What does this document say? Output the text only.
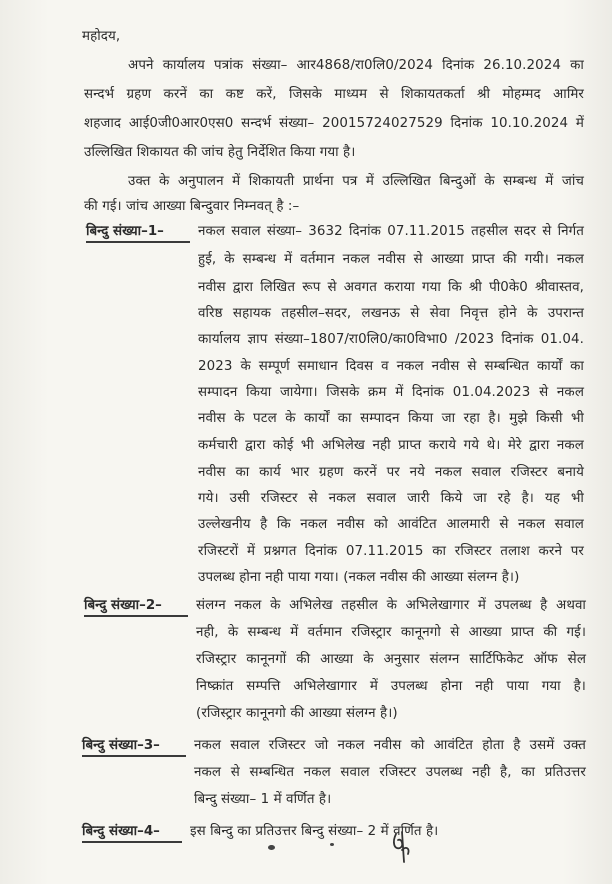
महोदय,
अपने कार्यालय पत्रांक संख्या– आर4868/रा0लि0/2024 दिनांक 26.10.2024 का
सन्दर्भ ग्रहण करनें का कष्ट करें, जिसके माध्यम से शिकायतकर्ता श्री मोहम्मद आमिर
शहजाद आई0जी0आर0एस0 सन्दर्भ संख्या– 20015724027529 दिनांक 10.10.2024 में
उल्लिखित शिकायत की जांच हेतु निर्देशित किया गया है।
उक्त के अनुपालन में शिकायती प्रार्थना पत्र में उल्लिखित बिन्दुओं के सम्बन्ध में जांच
की गई। जांच आख्या बिन्दुवार निम्नवत् है :–
बिन्दु संख्या–1–	नकल सवाल संख्या– 3632 दिनांक 07.11.2015 तहसील सदर से निर्गत
हुई, के सम्बन्ध में वर्तमान नकल नवीस से आख्या प्राप्त की गयी। नकल
नवीस द्वारा लिखित रूप से अवगत कराया गया कि श्री पी0के0 श्रीवास्तव,
वरिष्ठ सहायक तहसील–सदर, लखनऊ से सेवा निवृत्त होने के उपरान्त
कार्यालय ज्ञाप संख्या–1807/रा0लि0/का0विभा0 /2023 दिनांक 01.04.
2023 के सम्पूर्ण समाधान दिवस व नकल नवीस से सम्बन्धित कार्यों का
सम्पादन किया जायेगा। जिसके क्रम में दिनांक 01.04.2023 से नकल
नवीस के पटल के कार्यों का सम्पादन किया जा रहा है। मुझे किसी भी
कर्मचारी द्वारा कोई भी अभिलेख नही प्राप्त कराये गये थे। मेरे द्वारा नकल
नवीस का कार्य भार ग्रहण करनें पर नये नकल सवाल रजिस्टर बनाये
गये। उसी रजिस्टर से नकल सवाल जारी किये जा रहे है। यह भी
उल्लेखनीय है कि नकल नवीस को आवंटित आलमारी से नकल सवाल
रजिस्टरों में प्रश्नगत दिनांक 07.11.2015 का रजिस्टर तलाश करने पर
उपलब्ध होना नही पाया गया। (नकल नवीस की आख्या संलग्न है।)
बिन्दु संख्या–2–	संलग्न नकल के अभिलेख तहसील के अभिलेखागार में उपलब्ध है अथवा
नही, के सम्बन्ध में वर्तमान रजिस्ट्रार कानूनगो से आख्या प्राप्त की गई।
रजिस्ट्रार कानूनगों की आख्या के अनुसार संलग्न सार्टिफिकेट ऑफ सेल
निष्क्रांत सम्पत्ति अभिलेखागार में उपलब्ध होना नही पाया गया है।
(रजिस्ट्रार कानूनगो की आख्या संलग्न है।)
बिन्दु संख्या–3–	नकल सवाल रजिस्टर जो नकल नवीस को आवंटित होता है उसमें उक्त
नकल से सम्बन्धित नकल सवाल रजिस्टर उपलब्ध नही है, का प्रतिउत्तर
बिन्दु संख्या– 1 में वर्णित है।
बिन्दु संख्या–4– इस बिन्दु का प्रतिउत्तर बिन्दु संख्या– 2 में वर्णित है।
